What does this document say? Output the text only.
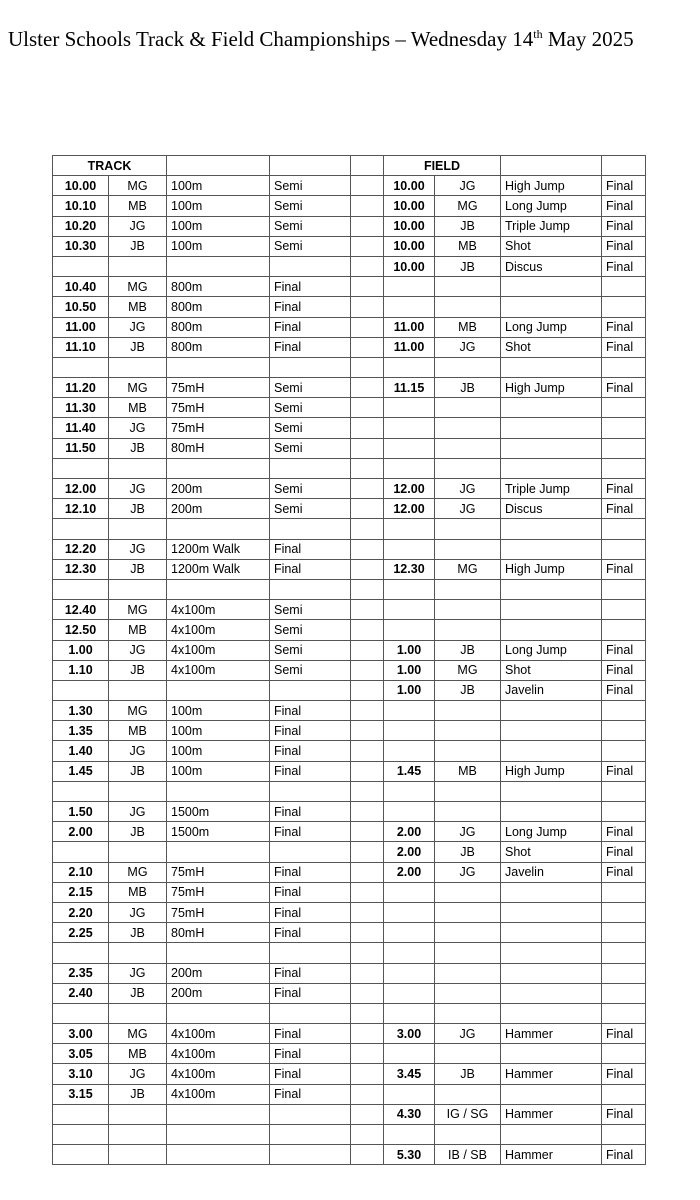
Ulster Schools Track & Field Championships – Wednesday 14th May 2025
TRACK					FIELD			
10.00	MG	100m	Semi		10.00	JG	High Jump	Final
10.10	MB	100m	Semi		10.00	MG	Long Jump	Final
10.20	JG	100m	Semi		10.00	JB	Triple Jump	Final
10.30	JB	100m	Semi		10.00	MB	Shot	Final
					10.00	JB	Discus	Final
10.40	MG	800m	Final					
10.50	MB	800m	Final					
11.00	JG	800m	Final		11.00	MB	Long Jump	Final
11.10	JB	800m	Final		11.00	JG	Shot	Final

11.20	MG	75mH	Semi		11.15	JB	High Jump	Final
11.30	MB	75mH	Semi					
11.40	JG	75mH	Semi					
11.50	JB	80mH	Semi					

12.00	JG	200m	Semi		12.00	JG	Triple Jump	Final
12.10	JB	200m	Semi		12.00	JG	Discus	Final

12.20	JG	1200m Walk	Final					
12.30	JB	1200m Walk	Final		12.30	MG	High Jump	Final

12.40	MG	4x100m	Semi					
12.50	MB	4x100m	Semi					
1.00	JG	4x100m	Semi		1.00	JB	Long Jump	Final
1.10	JB	4x100m	Semi		1.00	MG	Shot	Final
					1.00	JB	Javelin	Final
1.30	MG	100m	Final					
1.35	MB	100m	Final					
1.40	JG	100m	Final					
1.45	JB	100m	Final		1.45	MB	High Jump	Final

1.50	JG	1500m	Final					
2.00	JB	1500m	Final		2.00	JG	Long Jump	Final
					2.00	JB	Shot	Final
2.10	MG	75mH	Final		2.00	JG	Javelin	Final
2.15	MB	75mH	Final					
2.20	JG	75mH	Final					
2.25	JB	80mH	Final					

2.35	JG	200m	Final					
2.40	JB	200m	Final					

3.00	MG	4x100m	Final		3.00	JG	Hammer	Final
3.05	MB	4x100m	Final					
3.10	JG	4x100m	Final		3.45	JB	Hammer	Final
3.15	JB	4x100m	Final					
					4.30	IG / SG	Hammer	Final

					5.30	IB / SB	Hammer	Final
